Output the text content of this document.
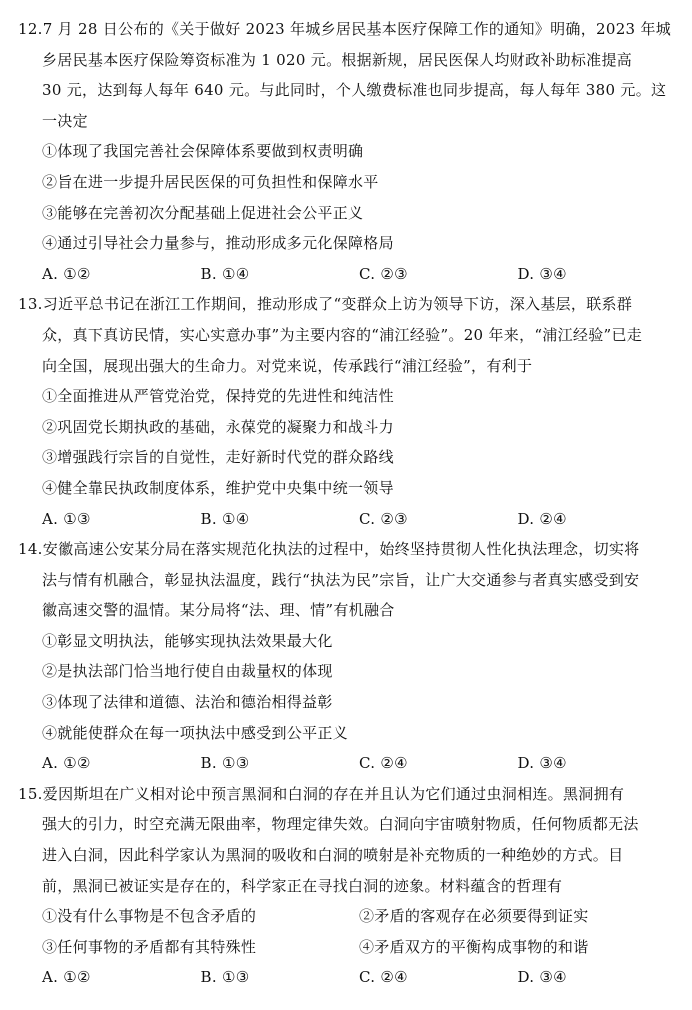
12.7 月 28 日公布的《关于做好 2023 年城乡居民基本医疗保障工作的通知》明确，2023 年城
乡居民基本医疗保险筹资标准为 1 020 元。根据新规，居民医保人均财政补助标准提高
30 元，达到每人每年 640 元。与此同时，个人缴费标准也同步提高，每人每年 380 元。这
一决定
①体现了我国完善社会保障体系要做到权责明确
②旨在进一步提升居民医保的可负担性和保障水平
③能够在完善初次分配基础上促进社会公平正义
④通过引导社会力量参与，推动形成多元化保障格局
A. ①②	B. ①④	C. ②③	D. ③④
13.习近平总书记在浙江工作期间，推动形成了“变群众上访为领导下访，深入基层，联系群
众，真下真访民情，实心实意办事”为主要内容的“浦江经验”。20 年来，“浦江经验”已走
向全国，展现出强大的生命力。对党来说，传承践行“浦江经验”，有利于
①全面推进从严管党治党，保持党的先进性和纯洁性
②巩固党长期执政的基础，永葆党的凝聚力和战斗力
③增强践行宗旨的自觉性，走好新时代党的群众路线
④健全靠民执政制度体系，维护党中央集中统一领导
A. ①③	B. ①④	C. ②③	D. ②④
14.安徽高速公安某分局在落实规范化执法的过程中，始终坚持贯彻人性化执法理念，切实将
法与情有机融合，彰显执法温度，践行“执法为民”宗旨，让广大交通参与者真实感受到安
徽高速交警的温情。某分局将“法、理、情”有机融合
①彰显文明执法，能够实现执法效果最大化
②是执法部门恰当地行使自由裁量权的体现
③体现了法律和道德、法治和德治相得益彰
④就能使群众在每一项执法中感受到公平正义
A. ①②	B. ①③	C. ②④	D. ③④
15.爱因斯坦在广义相对论中预言黑洞和白洞的存在并且认为它们通过虫洞相连。黑洞拥有
强大的引力，时空充满无限曲率，物理定律失效。白洞向宇宙喷射物质，任何物质都无法
进入白洞，因此科学家认为黑洞的吸收和白洞的喷射是补充物质的一种绝妙的方式。目
前，黑洞已被证实是存在的，科学家正在寻找白洞的迹象。材料蕴含的哲理有
①没有什么事物是不包含矛盾的	②矛盾的客观存在必须要得到证实
③任何事物的矛盾都有其特殊性	④矛盾双方的平衡构成事物的和谐
A. ①②	B. ①③	C. ②④	D. ③④
